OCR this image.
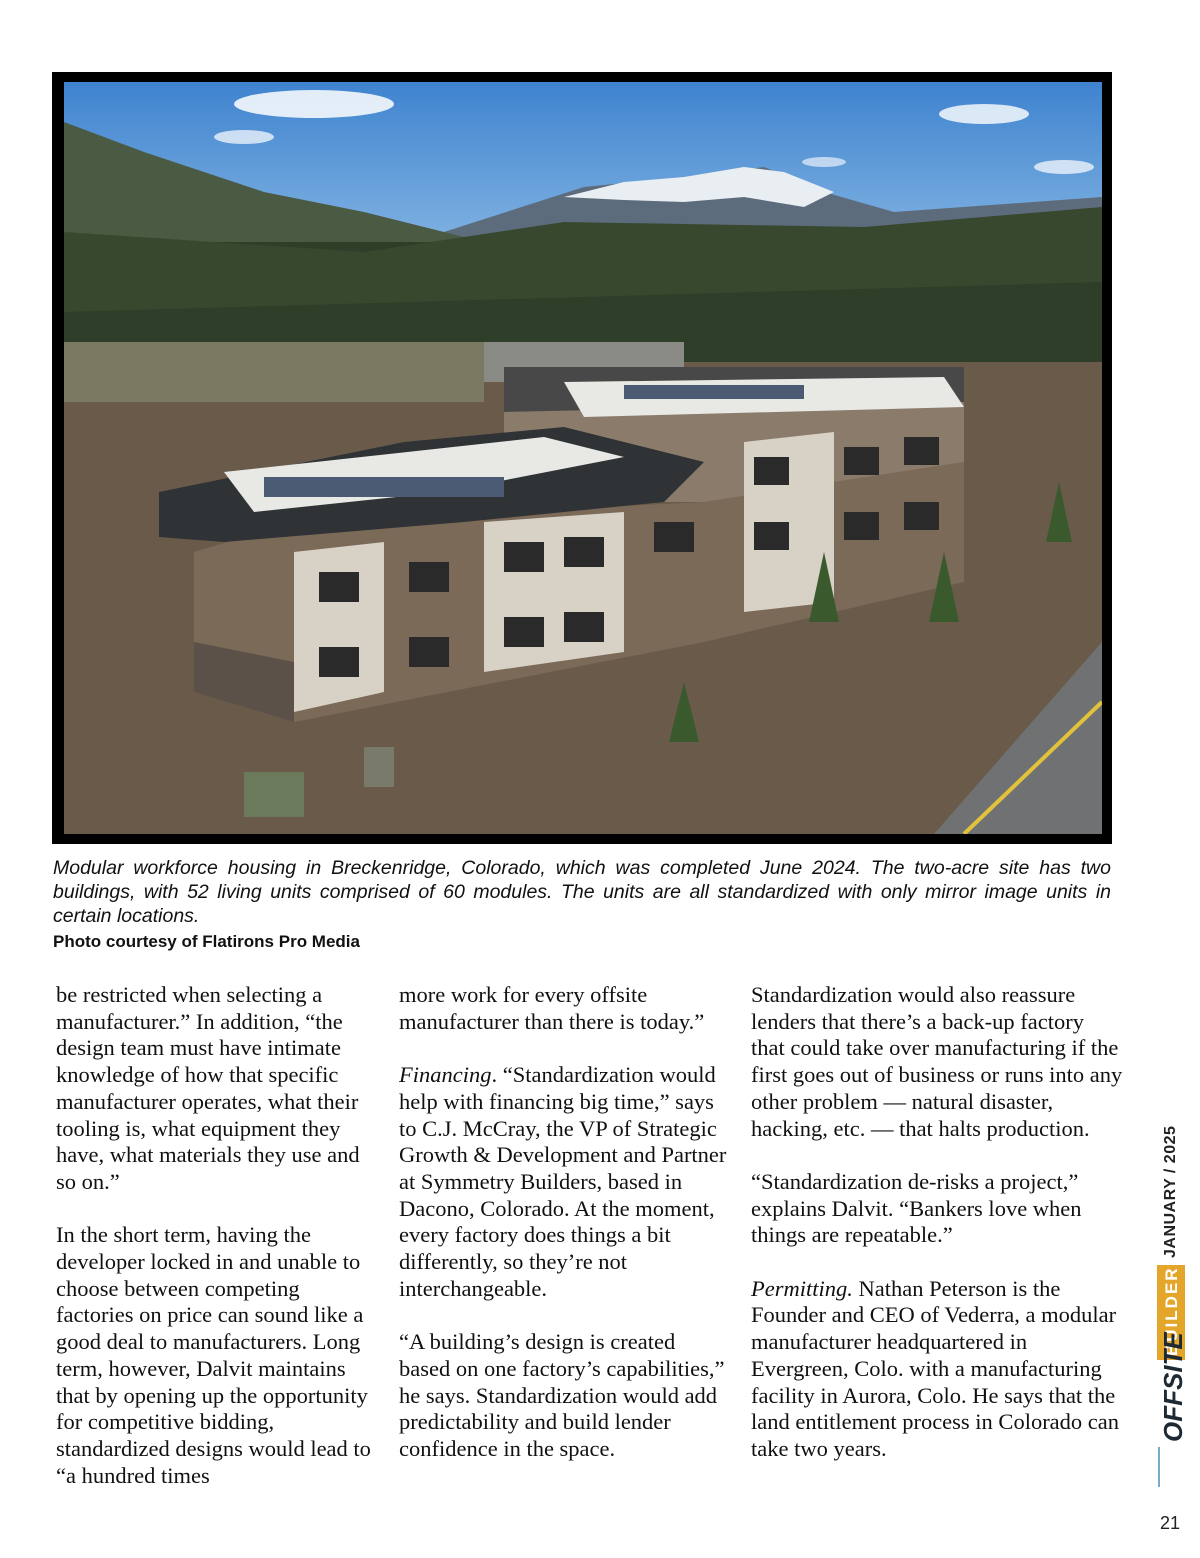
Modular workforce housing in Breckenridge, Colorado, which was completed June 2024. The two-acre site has two buildings, with 52 living units comprised of 60 modules. The units are all standardized with only mirror image units in certain locations.
Photo courtesy of Flatirons Pro Media

be restricted when selecting a manufacturer.” In addition, “the design team must have intimate knowledge of how that specific manufacturer operates, what their tooling is, what equipment they have, what materials they use and so on.”

In the short term, having the developer locked in and unable to choose between competing factories on price can sound like a good deal to manufacturers. Long term, however, Dalvit maintains that by opening up the opportunity for competitive bidding, standardized designs would lead to “a hundred times

more work for every offsite manufacturer than there is today.”

Financing. “Standardization would help with financing big time,” says to C.J. McCray, the VP of Strategic Growth & Development and Partner at Symmetry Builders, based in Dacono, Colorado. At the moment, every factory does things a bit differently, so they’re not interchangeable.

“A building’s design is created based on one factory’s capabilities,” he says. Standardization would add predictability and build lender confidence in the space.

Standardization would also reassure lenders that there’s a back-up factory that could take over manufacturing if the first goes out of business or runs into any other problem — natural disaster, hacking, etc. — that halts production.

“Standardization de-risks a project,” explains Dalvit. “Bankers love when things are repeatable.”

Permitting. Nathan Peterson is the Founder and CEO of Vederra, a modular manufacturer headquartered in Evergreen, Colo. with a manufacturing facility in Aurora, Colo. He says that the land entitlement process in Colorado can take two years.

JANUARY / 2025
BUILDER
OFFSITE
21
